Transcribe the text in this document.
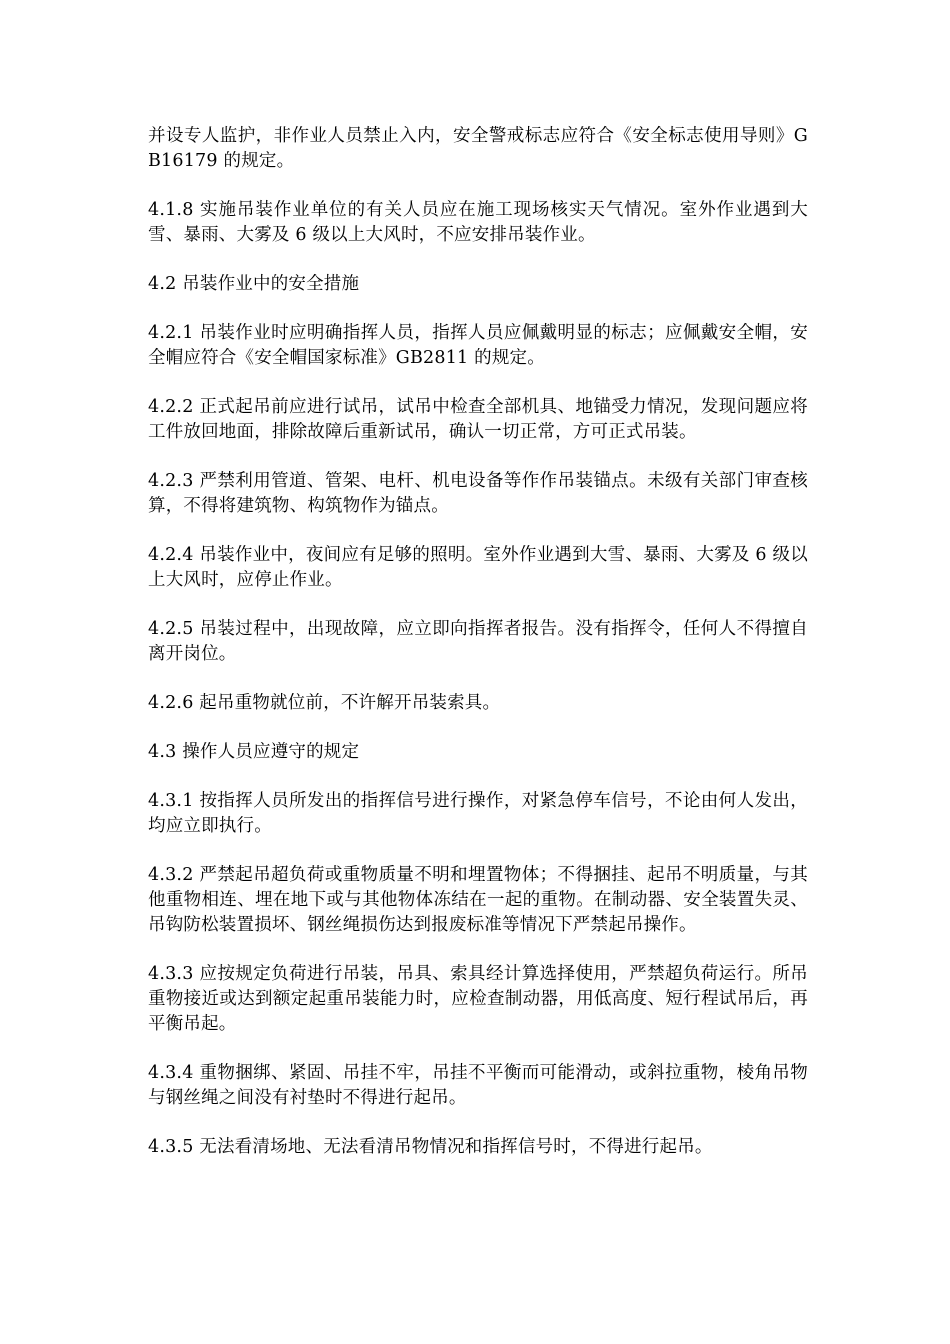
并设专人监护，非作业人员禁止入内，安全警戒标志应符合《安全标志使用导则》GB16179 的规定。

4.1.8 实施吊装作业单位的有关人员应在施工现场核实天气情况。室外作业遇到大雪、暴雨、大雾及 6 级以上大风时，不应安排吊装作业。

4.2 吊装作业中的安全措施

4.2.1 吊装作业时应明确指挥人员，指挥人员应佩戴明显的标志；应佩戴安全帽，安全帽应符合《安全帽国家标准》GB2811 的规定。

4.2.2 正式起吊前应进行试吊，试吊中检查全部机具、地锚受力情况，发现问题应将工件放回地面，排除故障后重新试吊，确认一切正常，方可正式吊装。

4.2.3 严禁利用管道、管架、电杆、机电设备等作作吊装锚点。未级有关部门审查核算，不得将建筑物、构筑物作为锚点。

4.2.4 吊装作业中，夜间应有足够的照明。室外作业遇到大雪、暴雨、大雾及 6 级以上大风时，应停止作业。

4.2.5 吊装过程中，出现故障，应立即向指挥者报告。没有指挥令，任何人不得擅自离开岗位。

4.2.6 起吊重物就位前，不许解开吊装索具。

4.3 操作人员应遵守的规定

4.3.1 按指挥人员所发出的指挥信号进行操作，对紧急停车信号，不论由何人发出，均应立即执行。

4.3.2 严禁起吊超负荷或重物质量不明和埋置物体；不得捆挂、起吊不明质量，与其他重物相连、埋在地下或与其他物体冻结在一起的重物。在制动器、安全装置失灵、吊钩防松装置损坏、钢丝绳损伤达到报废标准等情况下严禁起吊操作。

4.3.3 应按规定负荷进行吊装，吊具、索具经计算选择使用，严禁超负荷运行。所吊重物接近或达到额定起重吊装能力时，应检查制动器，用低高度、短行程试吊后，再平衡吊起。

4.3.4 重物捆绑、紧固、吊挂不牢，吊挂不平衡而可能滑动，或斜拉重物，棱角吊物与钢丝绳之间没有衬垫时不得进行起吊。

4.3.5 无法看清场地、无法看清吊物情况和指挥信号时，不得进行起吊。
